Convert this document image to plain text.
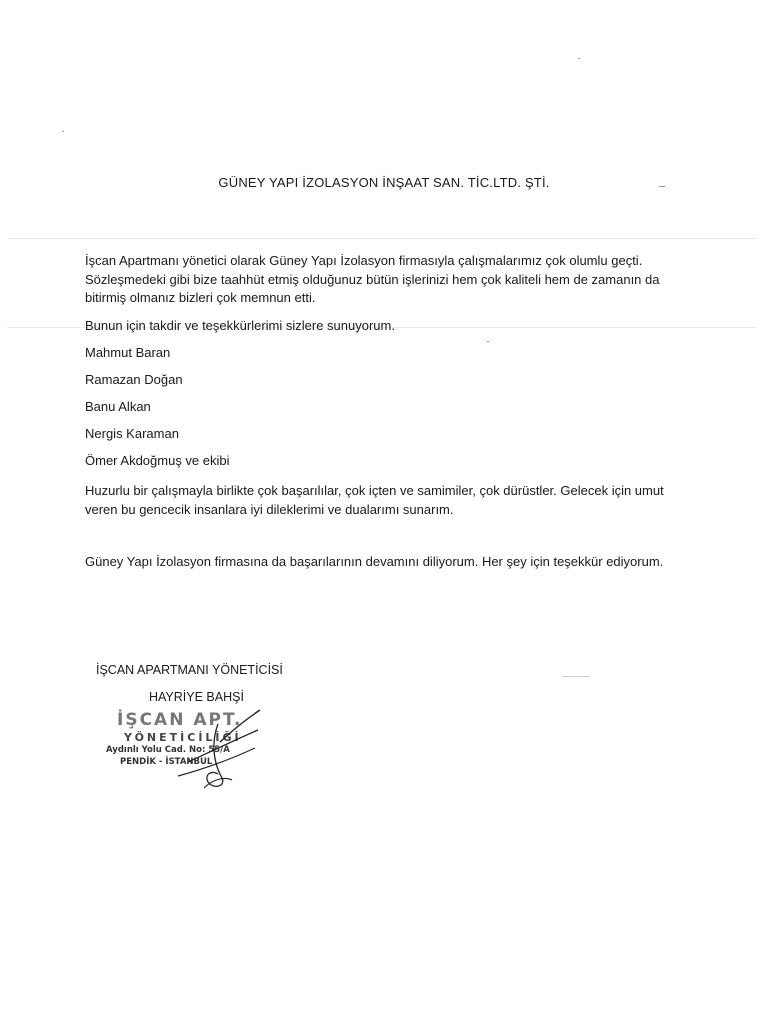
GÜNEY YAPI İZOLASYON İNŞAAT SAN. TİC.LTD. ŞTİ.
İşcan Apartmanı yönetici olarak Güney Yapı İzolasyon firmasıyla çalışmalarımız çok olumlu geçti. Sözleşmedeki gibi bize taahhüt etmiş olduğunuz bütün işlerinizi hem çok kaliteli hem de zamanın da bitirmiş olmanız bizleri çok memnun etti.
Bunun için takdir ve teşekkürlerimi sizlere sunuyorum.
Mahmut Baran
Ramazan Doğan
Banu Alkan
Nergis Karaman
Ömer Akdoğmuş ve ekibi
Huzurlu bir çalışmayla birlikte çok başarılılar, çok içten ve samimiler, çok dürüstler. Gelecek için umut veren bu gencecik insanlara iyi dileklerimi ve dualarımı sunarım.
Güney Yapı İzolasyon firmasına da başarılarının devamını diliyorum. Her şey için teşekkür ediyorum.
İŞCAN APARTMANI YÖNETİCİSİ
HAYRİYE BAHŞİ
İŞCAN APT.
YÖNETİCİLİĞİ
Aydınlı Yolu Cad. No: 55/A
PENDİK - İSTANBUL
